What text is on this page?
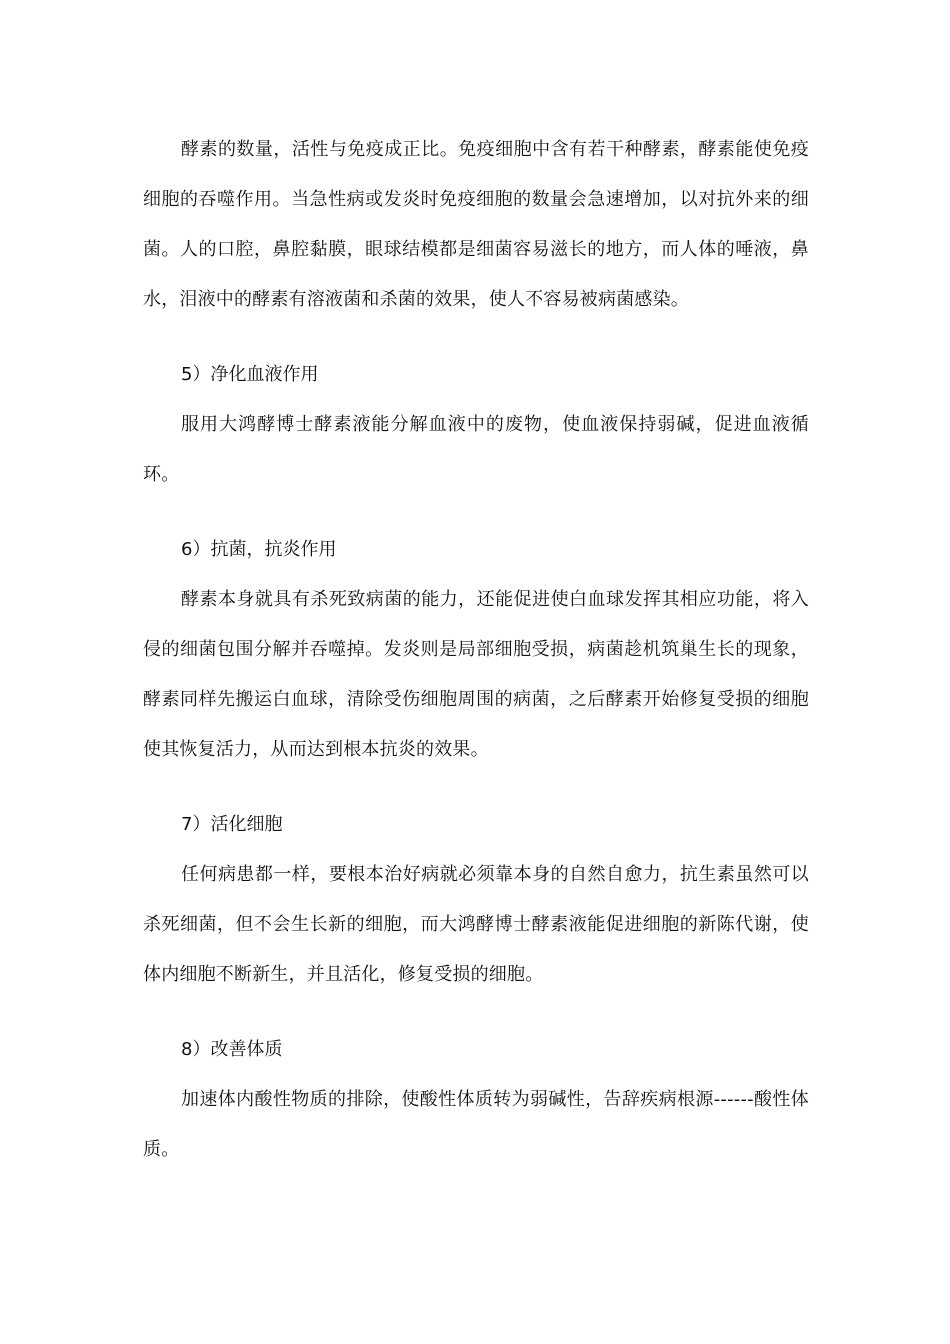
酵素的数量，活性与免疫成正比。免疫细胞中含有若干种酵素，酵素能使免疫细胞的吞噬作用。当急性病或发炎时免疫细胞的数量会急速增加，以对抗外来的细菌。人的口腔，鼻腔黏膜，眼球结模都是细菌容易滋长的地方，而人体的唾液，鼻水，泪液中的酵素有溶液菌和杀菌的效果，使人不容易被病菌感染。

5）净化血液作用

服用大鸿酵博士酵素液能分解血液中的废物，使血液保持弱碱，促进血液循环。

6）抗菌，抗炎作用

酵素本身就具有杀死致病菌的能力，还能促进使白血球发挥其相应功能，将入侵的细菌包围分解并吞噬掉。发炎则是局部细胞受损，病菌趁机筑巢生长的现象，酵素同样先搬运白血球，清除受伤细胞周围的病菌，之后酵素开始修复受损的细胞使其恢复活力，从而达到根本抗炎的效果。

7）活化细胞

任何病患都一样，要根本治好病就必须靠本身的自然自愈力，抗生素虽然可以杀死细菌，但不会生长新的细胞，而大鸿酵博士酵素液能促进细胞的新陈代谢，使体内细胞不断新生，并且活化，修复受损的细胞。

8）改善体质

加速体内酸性物质的排除，使酸性体质转为弱碱性，告辞疾病根源------酸性体质。
